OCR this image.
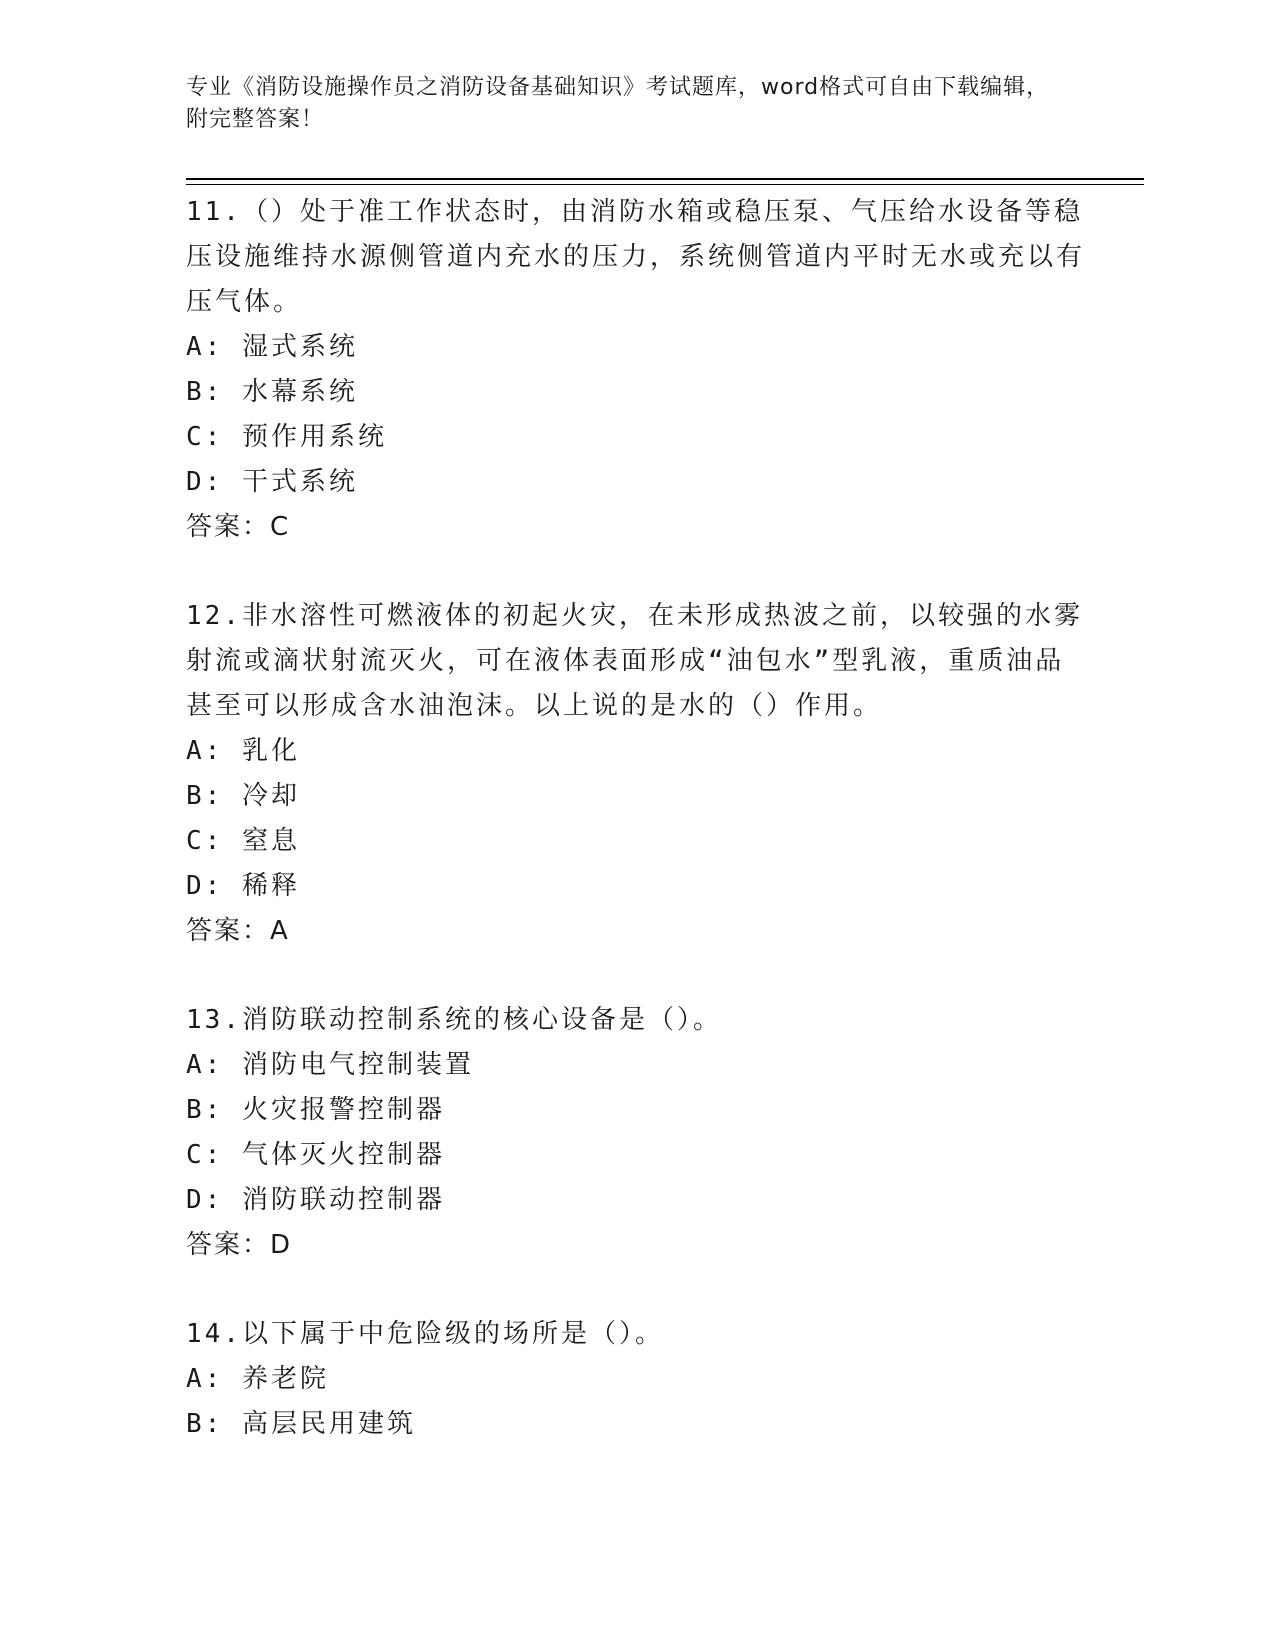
专业《消防设施操作员之消防设备基础知识》考试题库，word格式可自由下载编辑，附完整答案！

11.（）处于准工作状态时，由消防水箱或稳压泵、气压给水设备等稳压设施维持水源侧管道内充水的压力，系统侧管道内平时无水或充以有压气体。

A: 湿式系统

B: 水幕系统

C: 预作用系统

D: 干式系统

答案：C

12.非水溶性可燃液体的初起火灾，在未形成热波之前，以较强的水雾射流或滴状射流灭火，可在液体表面形成“油包水”型乳液，重质油品甚至可以形成含水油泡沫。以上说的是水的（）作用。

A: 乳化

B: 冷却

C: 窒息

D: 稀释

答案：A

13.消防联动控制系统的核心设备是（）。

A: 消防电气控制装置

B: 火灾报警控制器

C: 气体灭火控制器

D: 消防联动控制器

答案：D

14.以下属于中危险级的场所是（）。

A: 养老院

B: 高层民用建筑
